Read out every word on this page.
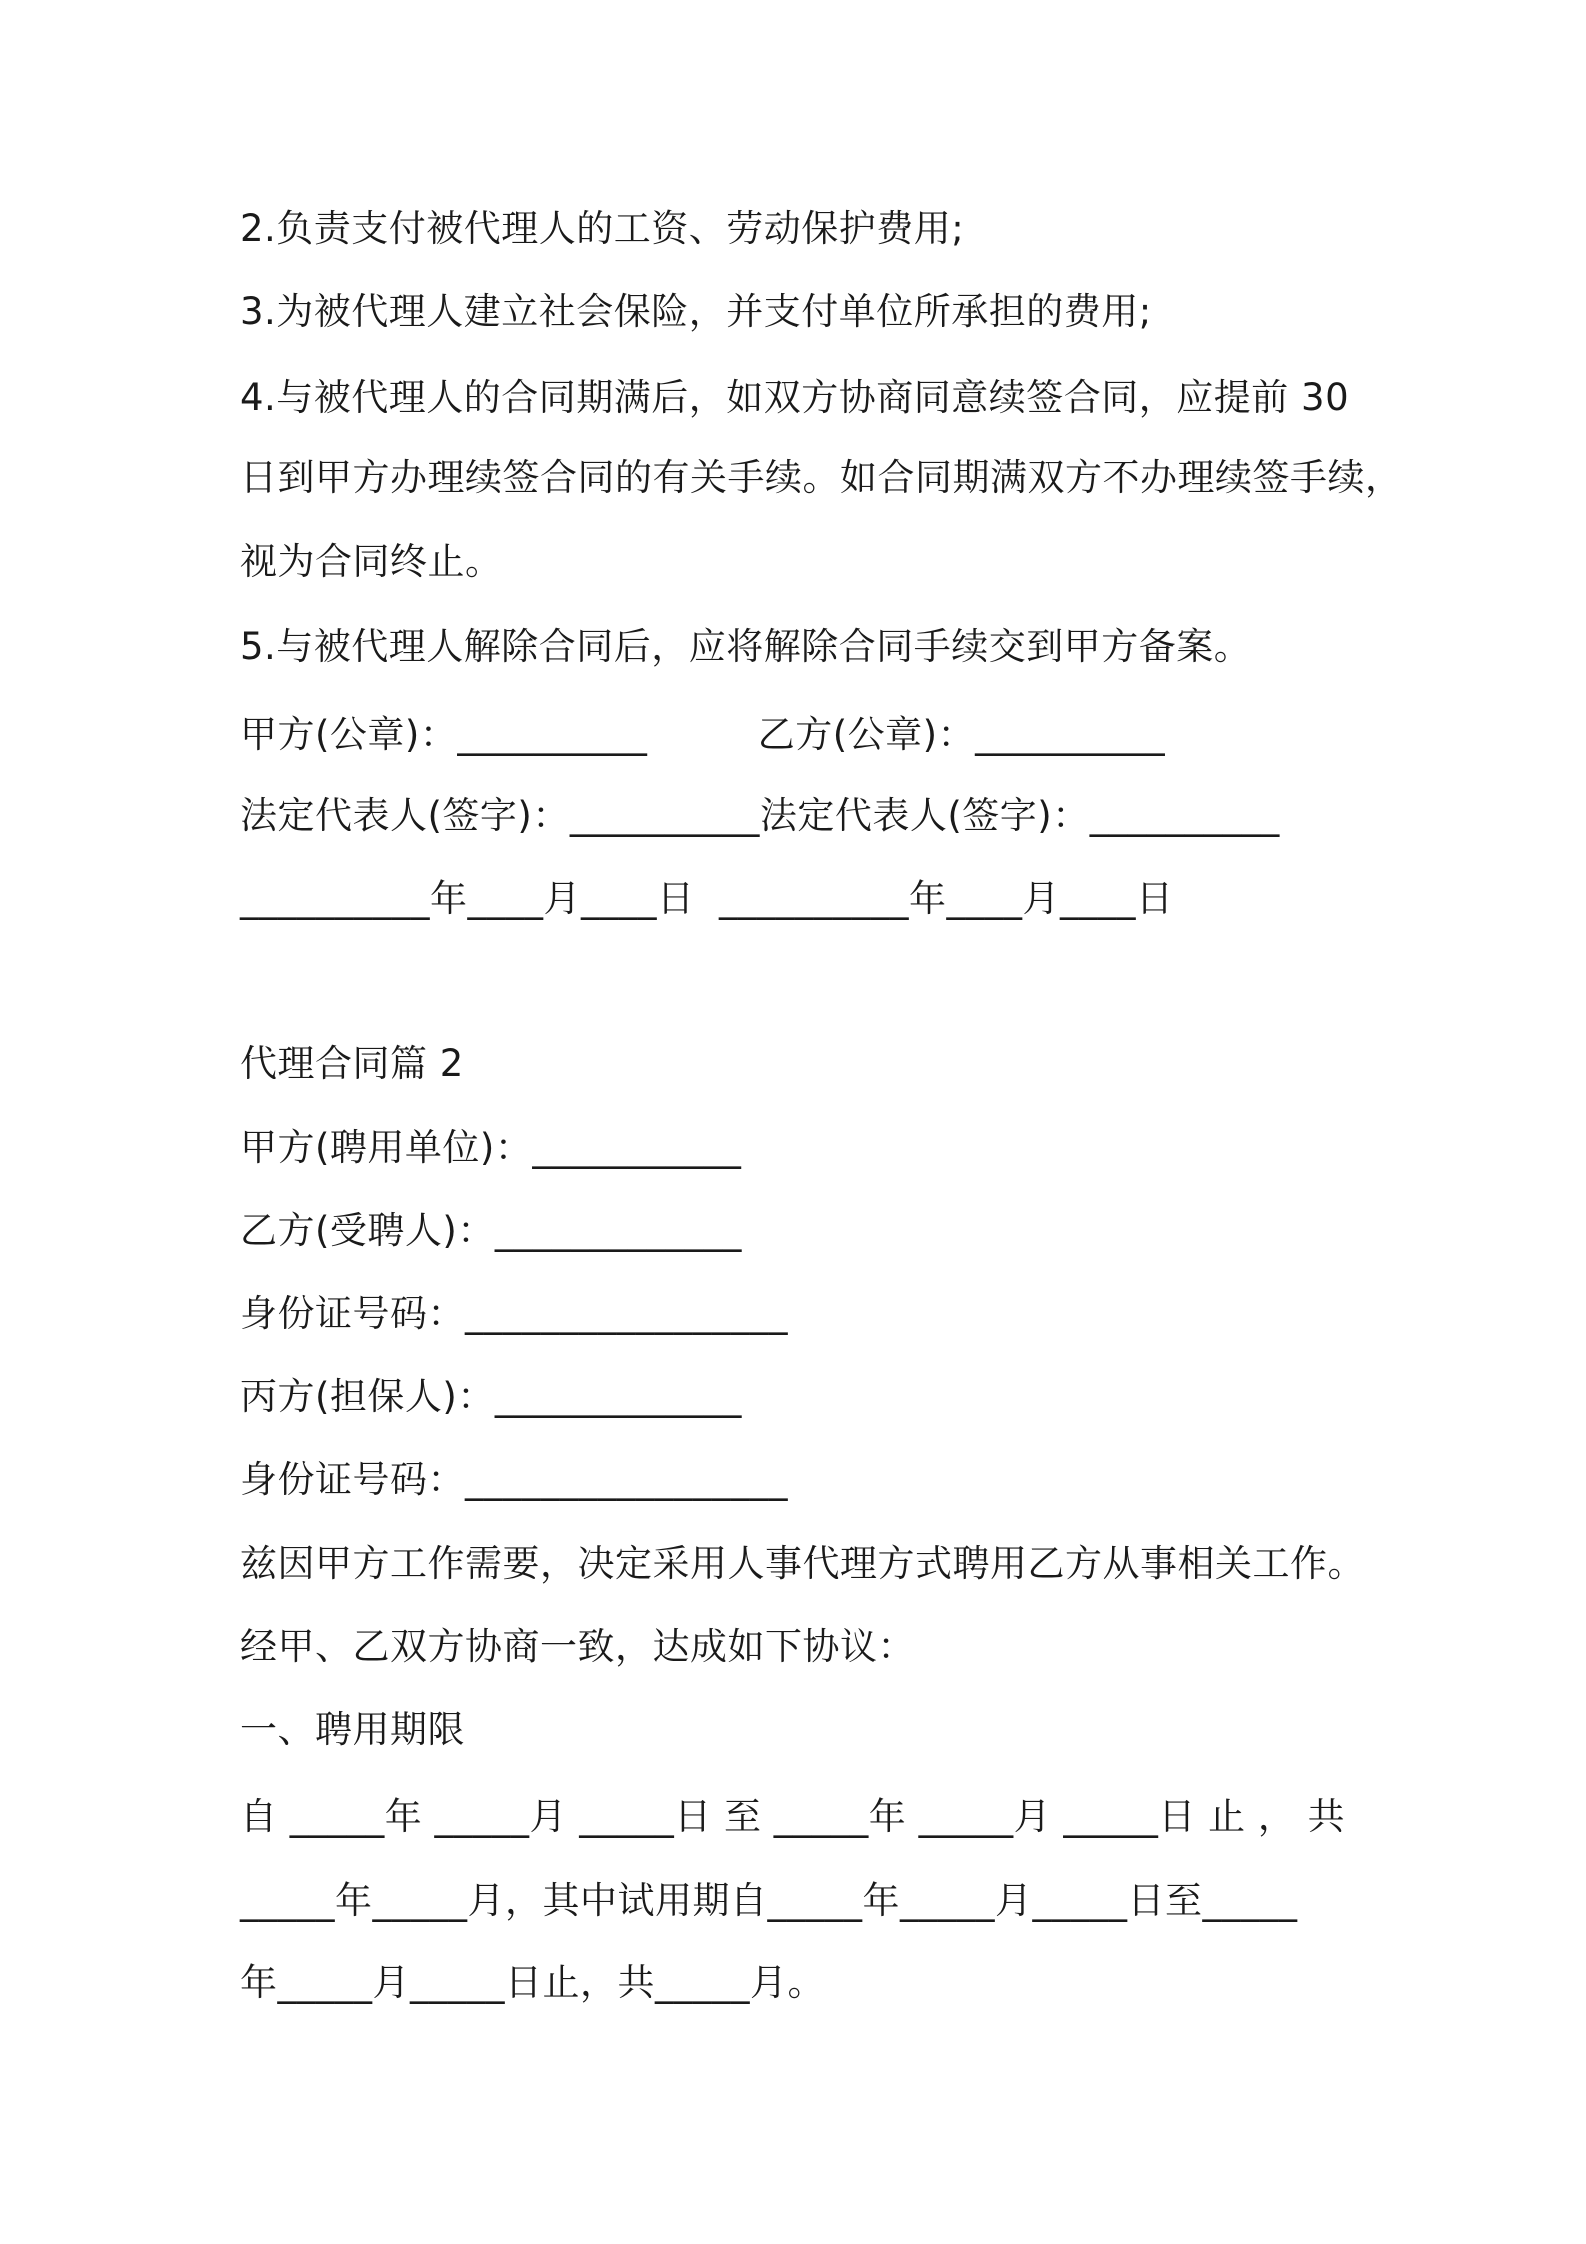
2.负责支付被代理人的工资、劳动保护费用;
3.为被代理人建立社会保险，并支付单位所承担的费用;
4.与被代理人的合同期满后，如双方协商同意续签合同，应提前 30
日到甲方办理续签合同的有关手续。如合同期满双方不办理续签手续，
视为合同终止。
5.与被代理人解除合同后，应将解除合同手续交到甲方备案。
甲方(公章)：__________         乙方(公章)：__________
法定代表人(签字)：__________法定代表人(签字)：__________
__________年____月____日  __________年____月____日
代理合同篇 2
甲方(聘用单位)：___________
乙方(受聘人)：_____________
身份证号码：_________________
丙方(担保人)：_____________
身份证号码：_________________
兹因甲方工作需要，决定采用人事代理方式聘用乙方从事相关工作。
经甲、乙双方协商一致，达成如下协议：
一、聘用期限
自 _____年 _____月 _____日 至 _____年 _____月 _____日 止 ， 共
_____年_____月，其中试用期自_____年_____月_____日至_____
年_____月_____日止，共_____月。
